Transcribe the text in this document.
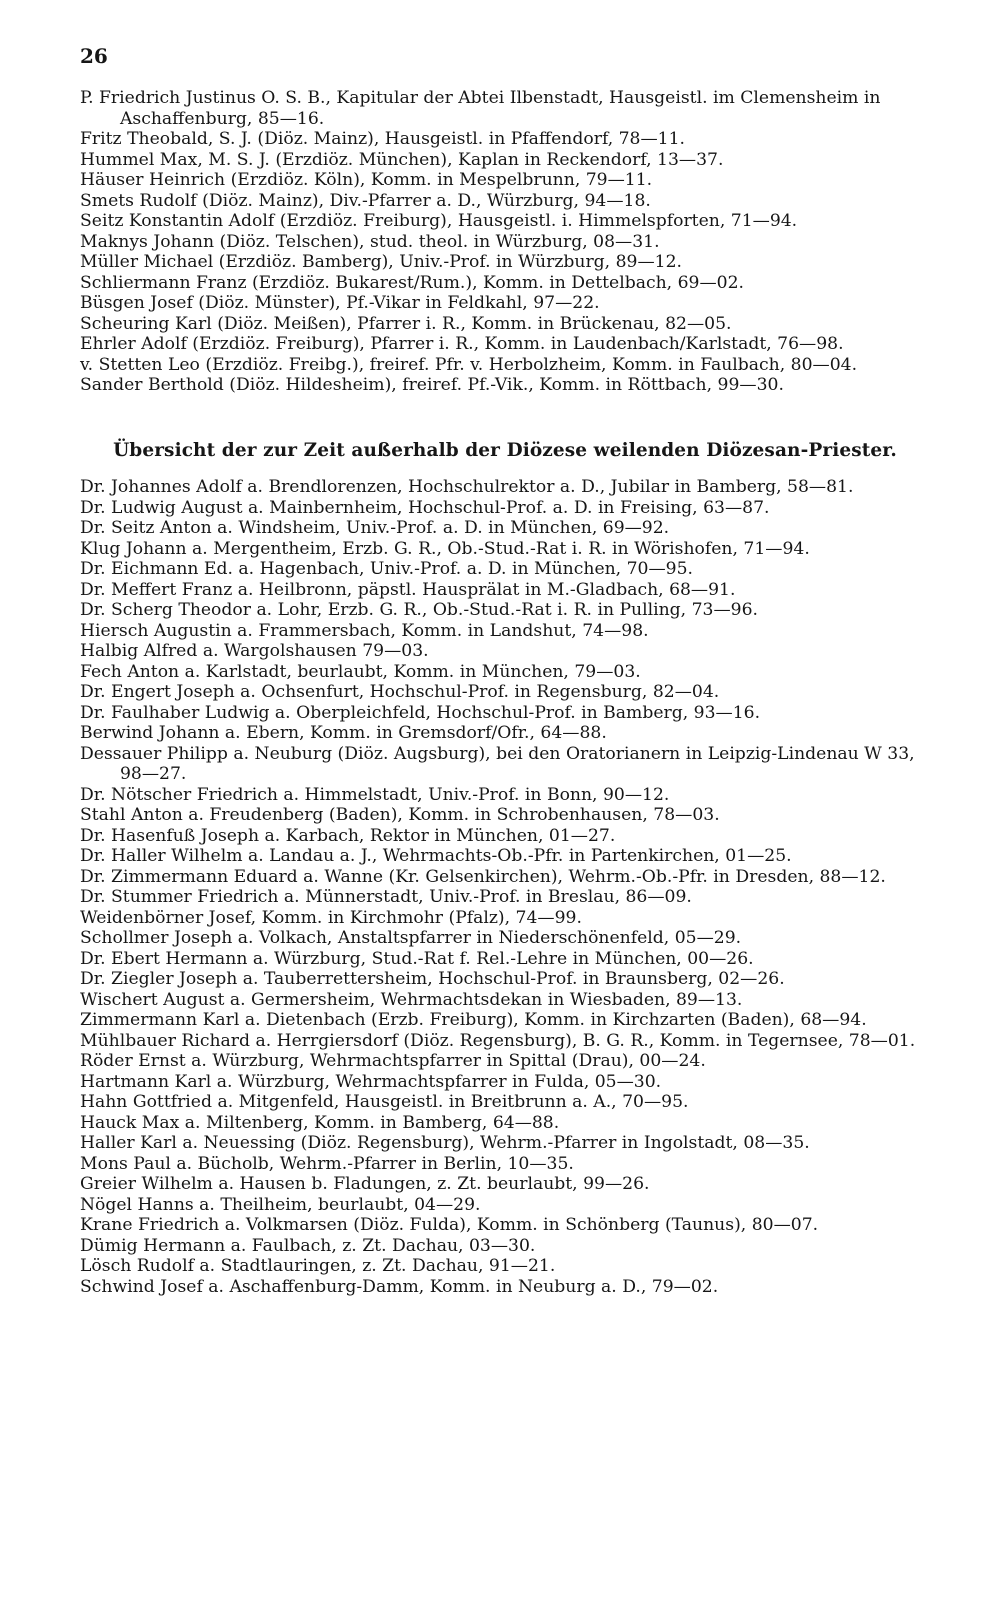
26
P. Friedrich Justinus O. S. B., Kapitular der Abtei Ilbenstadt, Hausgeistl. im Clemensheim in Aschaffenburg, 85—16.
Fritz Theobald, S. J. (Diöz. Mainz), Hausgeistl. in Pfaffendorf, 78—11.
Hummel Max, M. S. J. (Erzdiöz. München), Kaplan in Reckendorf, 13—37.
Häuser Heinrich (Erzdiöz. Köln), Komm. in Mespelbrunn, 79—11.
Smets Rudolf (Diöz. Mainz), Div.-Pfarrer a. D., Würzburg, 94—18.
Seitz Konstantin Adolf (Erzdiöz. Freiburg), Hausgeistl. i. Himmelspforten, 71—94.
Maknys Johann (Diöz. Telschen), stud. theol. in Würzburg, 08—31.
Müller Michael (Erzdiöz. Bamberg), Univ.-Prof. in Würzburg, 89—12.
Schliermann Franz (Erzdiöz. Bukarest/Rum.), Komm. in Dettelbach, 69—02.
Büsgen Josef (Diöz. Münster), Pf.-Vikar in Feldkahl, 97—22.
Scheuring Karl (Diöz. Meißen), Pfarrer i. R., Komm. in Brückenau, 82—05.
Ehrler Adolf (Erzdiöz. Freiburg), Pfarrer i. R., Komm. in Laudenbach/Karlstadt, 76—98.
v. Stetten Leo (Erzdiöz. Freibg.), freiref. Pfr. v. Herbolzheim, Komm. in Faulbach, 80—04.
Sander Berthold (Diöz. Hildesheim), freiref. Pf.-Vik., Komm. in Röttbach, 99—30.
Übersicht der zur Zeit außerhalb der Diözese weilenden Diözesan-Priester.
Dr. Johannes Adolf a. Brendlorenzen, Hochschulrektor a. D., Jubilar in Bamberg, 58—81.
Dr. Ludwig August a. Mainbernheim, Hochschul-Prof. a. D. in Freising, 63—87.
Dr. Seitz Anton a. Windsheim, Univ.-Prof. a. D. in München, 69—92.
Klug Johann a. Mergentheim, Erzb. G. R., Ob.-Stud.-Rat i. R. in Wörishofen, 71—94.
Dr. Eichmann Ed. a. Hagenbach, Univ.-Prof. a. D. in München, 70—95.
Dr. Meffert Franz a. Heilbronn, päpstl. Hausprälat in M.-Gladbach, 68—91.
Dr. Scherg Theodor a. Lohr, Erzb. G. R., Ob.-Stud.-Rat i. R. in Pulling, 73—96.
Hiersch Augustin a. Frammersbach, Komm. in Landshut, 74—98.
Halbig Alfred a. Wargolshausen 79—03.
Fech Anton a. Karlstadt, beurlaubt, Komm. in München, 79—03.
Dr. Engert Joseph a. Ochsenfurt, Hochschul-Prof. in Regensburg, 82—04.
Dr. Faulhaber Ludwig a. Oberpleichfeld, Hochschul-Prof. in Bamberg, 93—16.
Berwind Johann a. Ebern, Komm. in Gremsdorf/Ofr., 64—88.
Dessauer Philipp a. Neuburg (Diöz. Augsburg), bei den Oratorianern in Leipzig-Lindenau W 33, 98—27.
Dr. Nötscher Friedrich a. Himmelstadt, Univ.-Prof. in Bonn, 90—12.
Stahl Anton a. Freudenberg (Baden), Komm. in Schrobenhausen, 78—03.
Dr. Hasenfuß Joseph a. Karbach, Rektor in München, 01—27.
Dr. Haller Wilhelm a. Landau a. J., Wehrmachts-Ob.-Pfr. in Partenkirchen, 01—25.
Dr. Zimmermann Eduard a. Wanne (Kr. Gelsenkirchen), Wehrm.-Ob.-Pfr. in Dresden, 88—12.
Dr. Stummer Friedrich a. Münnerstadt, Univ.-Prof. in Breslau, 86—09.
Weidenbörner Josef, Komm. in Kirchmohr (Pfalz), 74—99.
Schollmer Joseph a. Volkach, Anstaltspfarrer in Niederschönenfeld, 05—29.
Dr. Ebert Hermann a. Würzburg, Stud.-Rat f. Rel.-Lehre in München, 00—26.
Dr. Ziegler Joseph a. Tauberrettersheim, Hochschul-Prof. in Braunsberg, 02—26.
Wischert August a. Germersheim, Wehrmachtsdekan in Wiesbaden, 89—13.
Zimmermann Karl a. Dietenbach (Erzb. Freiburg), Komm. in Kirchzarten (Baden), 68—94.
Mühlbauer Richard a. Herrgiersdorf (Diöz. Regensburg), B. G. R., Komm. in Tegernsee, 78—01.
Röder Ernst a. Würzburg, Wehrmachtspfarrer in Spittal (Drau), 00—24.
Hartmann Karl a. Würzburg, Wehrmachtspfarrer in Fulda, 05—30.
Hahn Gottfried a. Mitgenfeld, Hausgeistl. in Breitbrunn a. A., 70—95.
Hauck Max a. Miltenberg, Komm. in Bamberg, 64—88.
Haller Karl a. Neuessing (Diöz. Regensburg), Wehrm.-Pfarrer in Ingolstadt, 08—35.
Mons Paul a. Bücholb, Wehrm.-Pfarrer in Berlin, 10—35.
Greier Wilhelm a. Hausen b. Fladungen, z. Zt. beurlaubt, 99—26.
Nögel Hanns a. Theilheim, beurlaubt, 04—29.
Krane Friedrich a. Volkmarsen (Diöz. Fulda), Komm. in Schönberg (Taunus), 80—07.
Dümig Hermann a. Faulbach, z. Zt. Dachau, 03—30.
Lösch Rudolf a. Stadtlauringen, z. Zt. Dachau, 91—21.
Schwind Josef a. Aschaffenburg-Damm, Komm. in Neuburg a. D., 79—02.
